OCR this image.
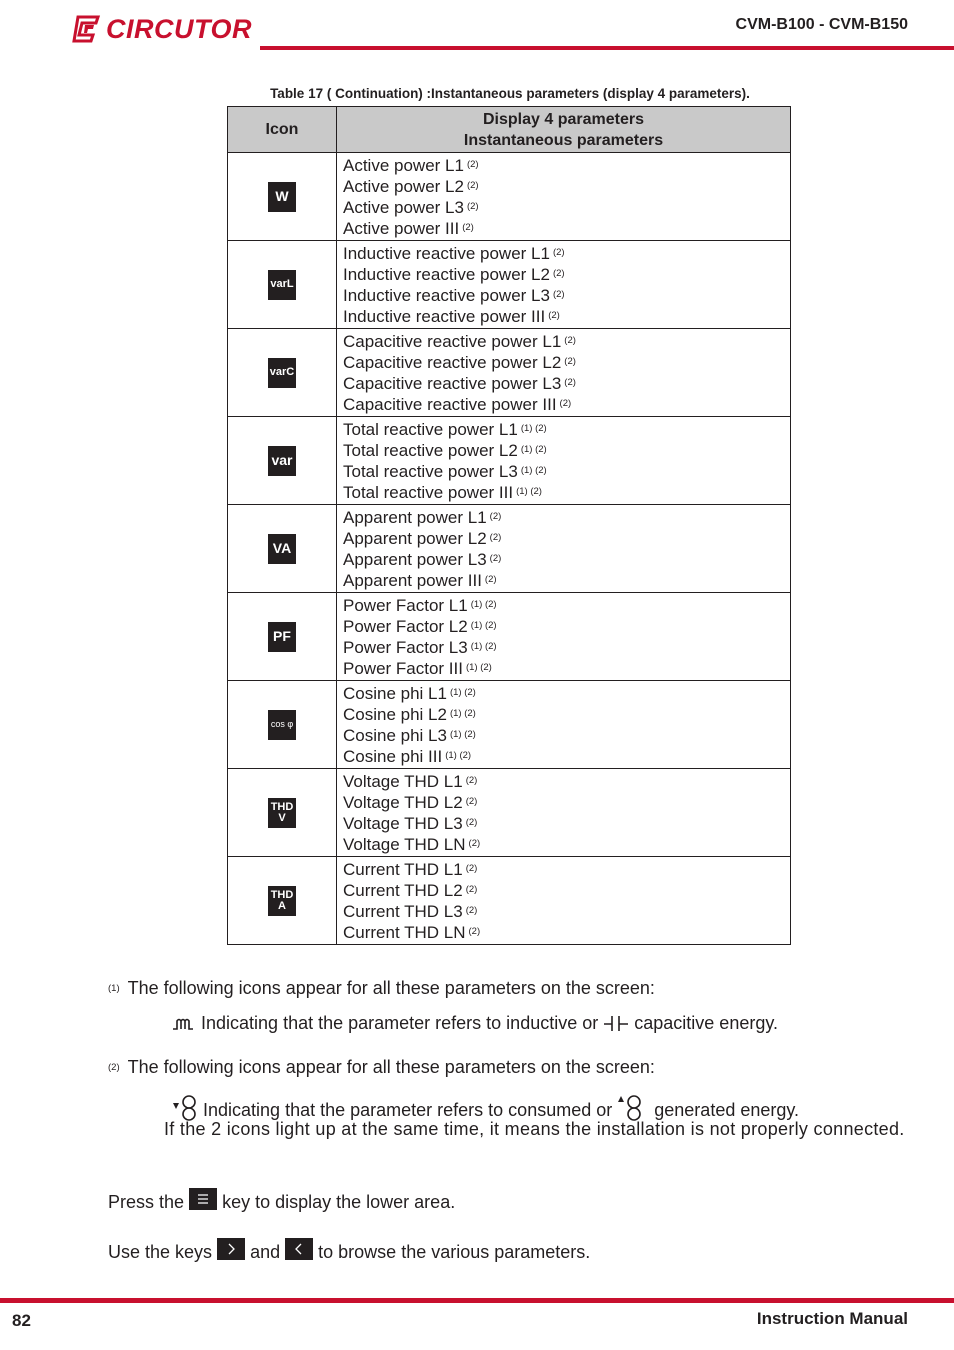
CIRCUTOR	CVM-B100 - CVM-B150
Table 17 ( Continuation) :Instantaneous parameters (display 4 parameters).
Icon	Display 4 parameters
Instantaneous parameters

W	Active power L1 $^{(2)}$
Active power L2 $^{(2)}$
Active power L3 $^{(2)}$
Active power III $^{(2)}$

varL	Inductive reactive power L1 $^{(2)}$
Inductive reactive power L2 $^{(2)}$
Inductive reactive power L3 $^{(2)}$
Inductive reactive power III $^{(2)}$

varC	Capacitive reactive power L1 $^{(2)}$
Capacitive reactive power L2 $^{(2)}$
Capacitive reactive power L3 $^{(2)}$
Capacitive reactive power III $^{(2)}$

var	Total reactive power L1 $^{(1) (2)}$
Total reactive power L2 $^{(1) (2)}$
Total reactive power L3 $^{(1) (2)}$
Total reactive power III $^{(1) (2)}$

VA	Apparent power L1 $^{(2)}$
Apparent power L2 $^{(2)}$
Apparent power L3 $^{(2)}$
Apparent power III $^{(2)}$

PF	Power Factor L1 $^{(1) (2)}$
Power Factor L2 $^{(1) (2)}$
Power Factor L3 $^{(1) (2)}$
Power Factor III $^{(1) (2)}$

cos φ	Cosine phi L1 $^{(1) (2)}$
Cosine phi L2 $^{(1) (2)}$
Cosine phi L3 $^{(1) (2)}$
Cosine phi III $^{(1) (2)}$

THD
V	Voltage THD L1 $^{(2)}$
Voltage THD L2 $^{(2)}$
Voltage THD L3 $^{(2)}$
Voltage THD LN $^{(2)}$

THD
A	Current THD L1 $^{(2)}$
Current THD L2 $^{(2)}$
Current THD L3 $^{(2)}$
Current THD LN $^{(2)}$
$^{(1)}$ The following icons appear for all these parameters on the screen:
Indicating that the parameter refers to inductive or capacitive energy.
$^{(2)}$ The following icons appear for all these parameters on the screen:
Indicating that the parameter refers to consumed or generated energy.
If the 2 icons light up at the same time, it means the installation is not properly connected.
Press the key to display the lower area.
Use the keys and to browse the various parameters.
82	Instruction Manual
